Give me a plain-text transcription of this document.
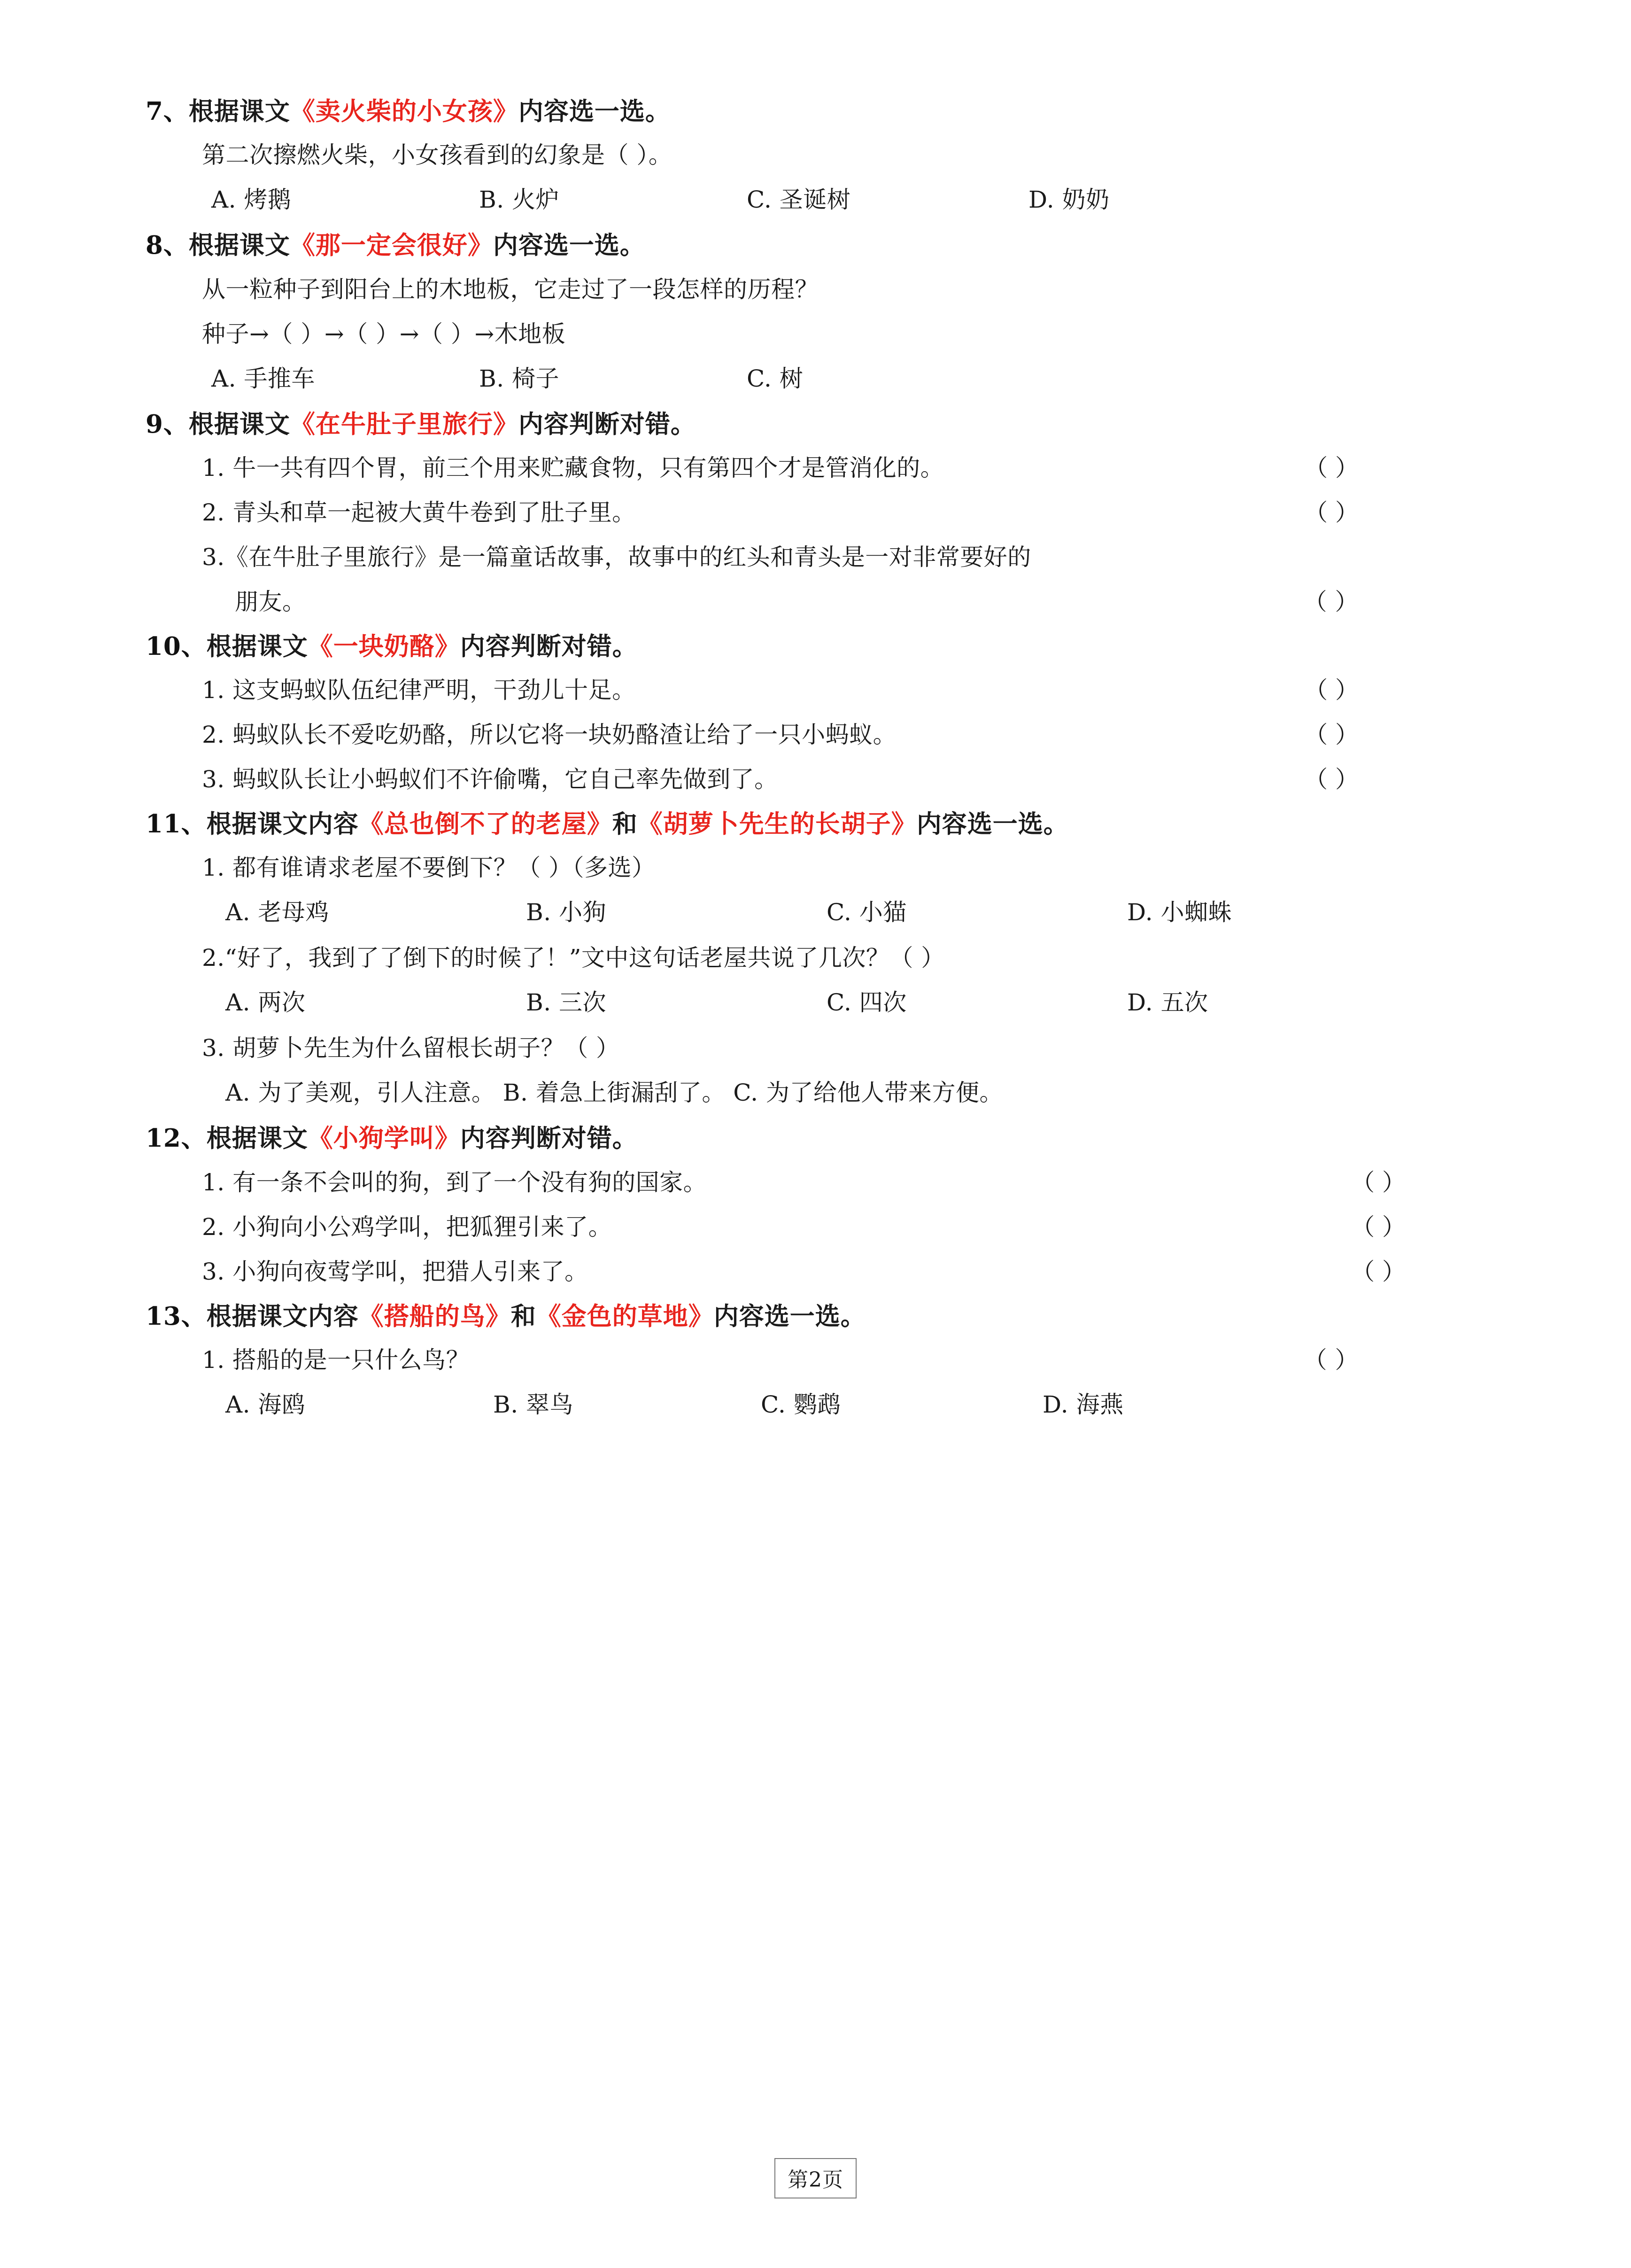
7、根据课文《卖火柴的小女孩》内容选一选。

第二次擦燃火柴，小女孩看到的幻象是（ ）。

A. 烤鹅	B. 火炉	C. 圣诞树	D. 奶奶

8、根据课文《那一定会很好》内容选一选。

从一粒种子到阳台上的木地板，它走过了一段怎样的历程？

种子→（ ）→（ ）→（ ）→木地板

A. 手推车	B. 椅子	C. 树

9、根据课文《在牛肚子里旅行》内容判断对错。

1. 牛一共有四个胃，前三个用来贮藏食物，只有第四个才是管消化的。	（ ）

2. 青头和草一起被大黄牛卷到了肚子里。	（ ）

3.《在牛肚子里旅行》是一篇童话故事，故事中的红头和青头是一对非常要好的

朋友。	（ ）

10、根据课文《一块奶酪》内容判断对错。

1. 这支蚂蚁队伍纪律严明，干劲儿十足。	（ ）

2. 蚂蚁队长不爱吃奶酪，所以它将一块奶酪渣让给了一只小蚂蚁。	（ ）

3. 蚂蚁队长让小蚂蚁们不许偷嘴，它自己率先做到了。	（ ）

11、根据课文内容《总也倒不了的老屋》和《胡萝卜先生的长胡子》内容选一选。

1. 都有谁请求老屋不要倒下？（ ）（多选）

A. 老母鸡	B. 小狗	C. 小猫	D. 小蜘蛛

2.“好了，我到了了倒下的时候了！”文中这句话老屋共说了几次？（ ）

A. 两次	B. 三次	C. 四次	D. 五次

3. 胡萝卜先生为什么留根长胡子？（ ）

A. 为了美观，引人注意。 B. 着急上街漏刮了。 C. 为了给他人带来方便。

12、根据课文《小狗学叫》内容判断对错。

1. 有一条不会叫的狗，到了一个没有狗的国家。	（ ）

2. 小狗向小公鸡学叫，把狐狸引来了。	（ ）

3. 小狗向夜莺学叫，把猎人引来了。	（ ）

13、根据课文内容《搭船的鸟》和《金色的草地》内容选一选。

1. 搭船的是一只什么鸟？	（ ）

A. 海鸥	B. 翠鸟	C. 鹦鹉	D. 海燕
第2页
